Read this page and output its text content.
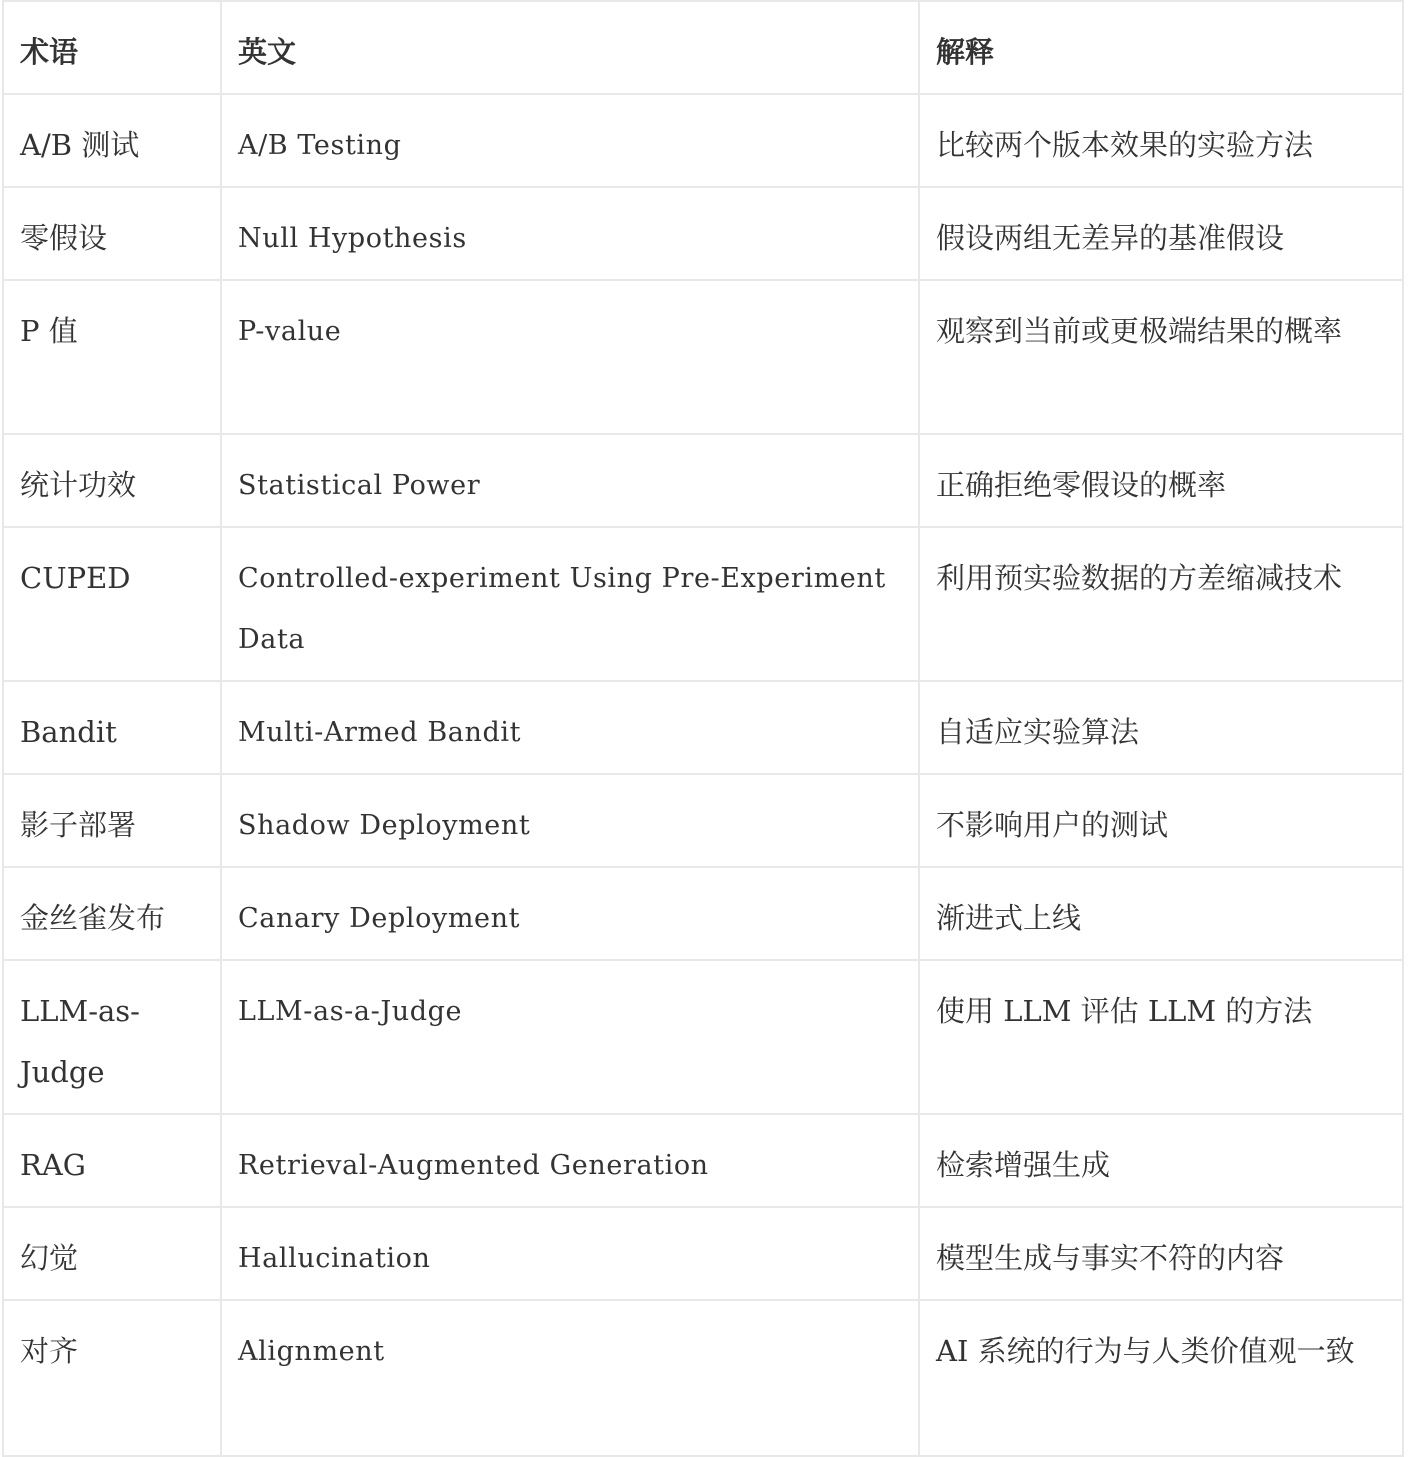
术语	英文	解释
A/B 测试	A/B Testing	比较两个版本效果的实验方法
零假设	Null Hypothesis	假设两组无差异的基准假设
P 值	P-value	观察到当前或更极端结果的概率
统计功效	Statistical Power	正确拒绝零假设的概率
CUPED	Controlled-experiment Using Pre-Experiment Data	利用预实验数据的方差缩减技术
Bandit	Multi-Armed Bandit	自适应实验算法
影子部署	Shadow Deployment	不影响用户的测试
金丝雀发布	Canary Deployment	渐进式上线
LLM-as-Judge	LLM-as-a-Judge	使用 LLM 评估 LLM 的方法
RAG	Retrieval-Augmented Generation	检索增强生成
幻觉	Hallucination	模型生成与事实不符的内容
对齐	Alignment	AI 系统的行为与人类价值观一致
